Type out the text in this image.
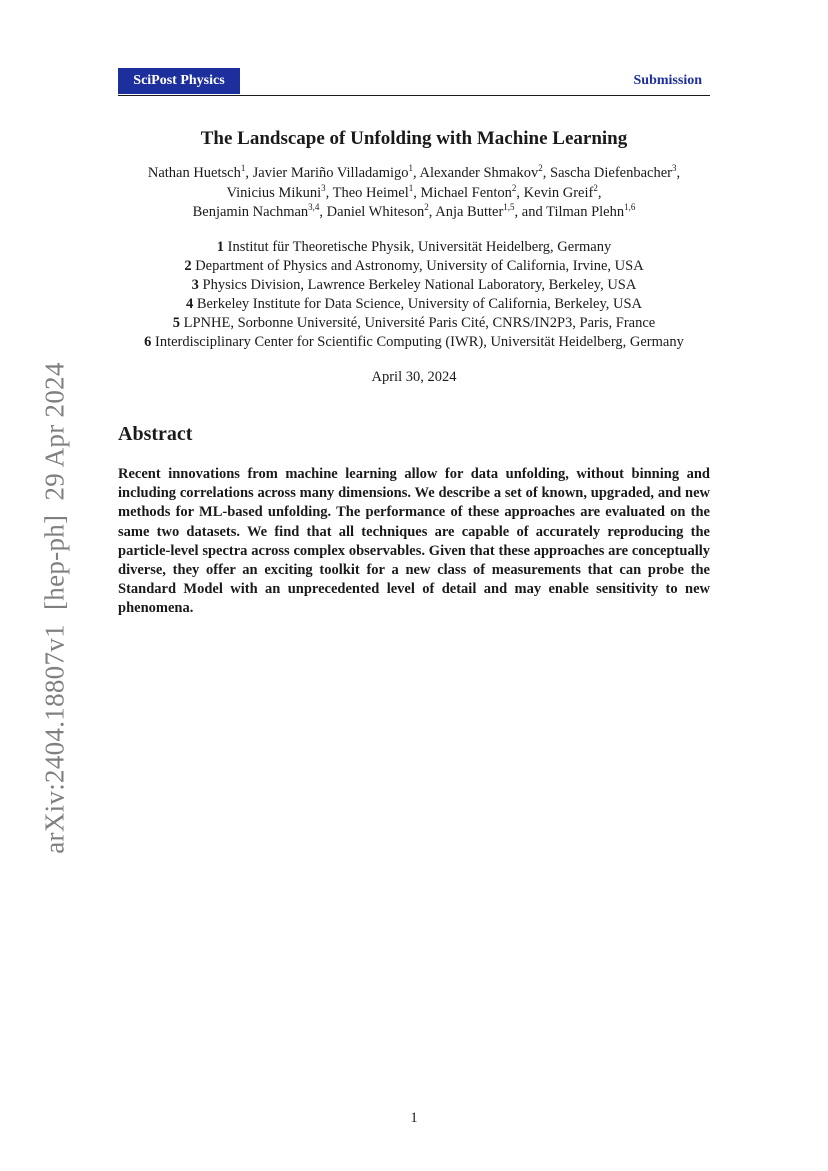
SciPost Physics	Submission
The Landscape of Unfolding with Machine Learning
Nathan Huetsch$^1$, Javier Mariño Villadamigo$^1$, Alexander Shmakov$^2$, Sascha Diefenbacher$^3$,
Vinicius Mikuni$^3$, Theo Heimel$^1$, Michael Fenton$^2$, Kevin Greif$^2$,
Benjamin Nachman$^{3,4}$, Daniel Whiteson$^2$, Anja Butter$^{1,5}$, and Tilman Plehn$^{1,6}$
1 Institut für Theoretische Physik, Universität Heidelberg, Germany
2 Department of Physics and Astronomy, University of California, Irvine, USA
3 Physics Division, Lawrence Berkeley National Laboratory, Berkeley, USA
4 Berkeley Institute for Data Science, University of California, Berkeley, USA
5 LPNHE, Sorbonne Université, Université Paris Cité, CNRS/IN2P3, Paris, France
6 Interdisciplinary Center for Scientific Computing (IWR), Universität Heidelberg, Germany
April 30, 2024
Abstract
Recent innovations from machine learning allow for data unfolding, without binning and including correlations across many dimensions. We describe a set of known, upgraded, and new methods for ML-based unfolding. The performance of these approaches are evaluated on the same two datasets. We find that all techniques are capable of accurately reproducing the particle-level spectra across complex observables. Given that these approaches are conceptually diverse, they offer an exciting toolkit for a new class of measurements that can probe the Standard Model with an unprecedented level of detail and may enable sensitivity to new phenomena.
arXiv:2404.18807v1  [hep-ph]  29 Apr 2024
1
